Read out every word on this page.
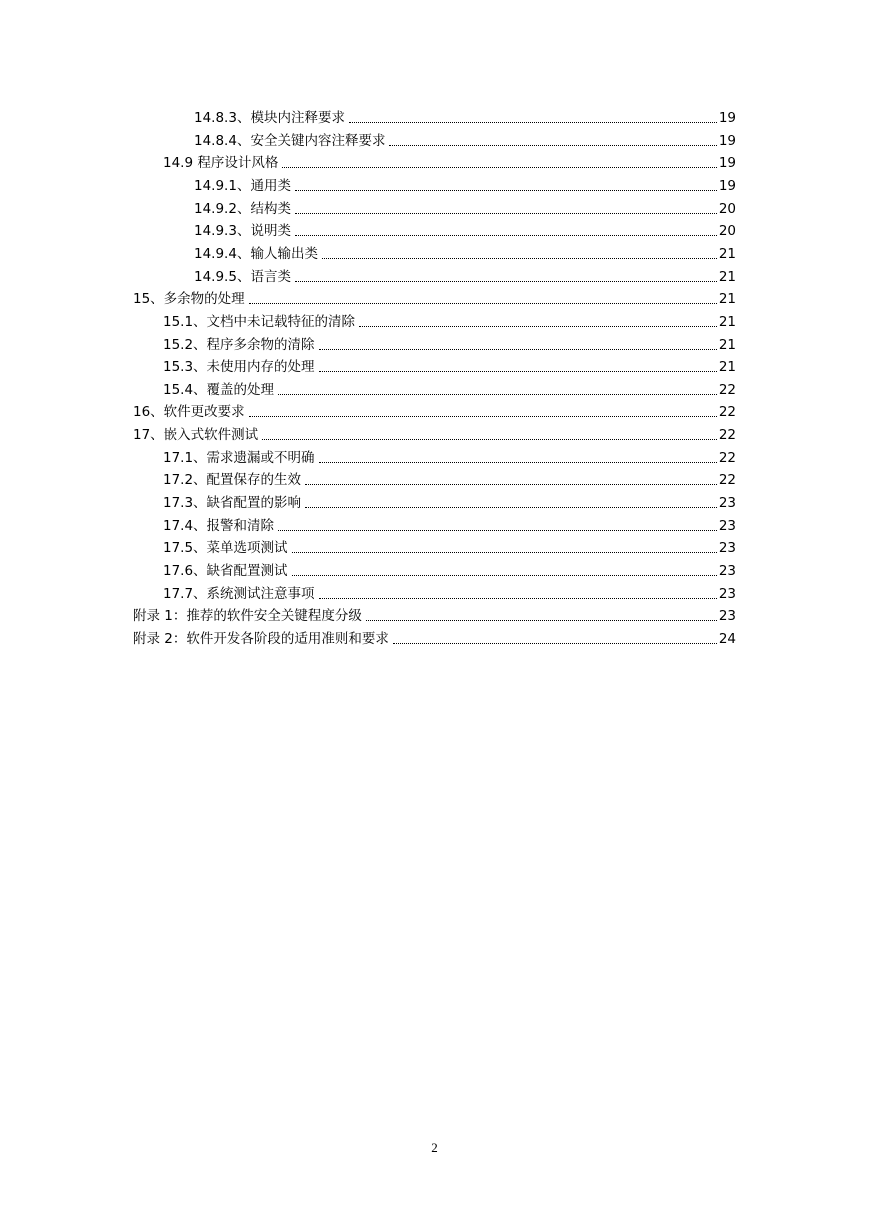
14.8.3、模块内注释要求	19
14.8.4、安全关键内容注释要求	19
14.9 程序设计风格	19
14.9.1、通用类	19
14.9.2、结构类	20
14.9.3、说明类	20
14.9.4、输人输出类	21
14.9.5、语言类	21
15、多余物的处理	21
15.1、文档中未记载特征的清除	21
15.2、程序多余物的清除	21
15.3、未使用内存的处理	21
15.4、覆盖的处理	22
16、软件更改要求	22
17、嵌入式软件测试	22
17.1、需求遗漏或不明确	22
17.2、配置保存的生效	22
17.3、缺省配置的影响	23
17.4、报警和清除	23
17.5、菜单选项测试	23
17.6、缺省配置测试	23
17.7、系统测试注意事项	23
附录 1：推荐的软件安全关键程度分级	23
附录 2：软件开发各阶段的适用准则和要求	24
2
